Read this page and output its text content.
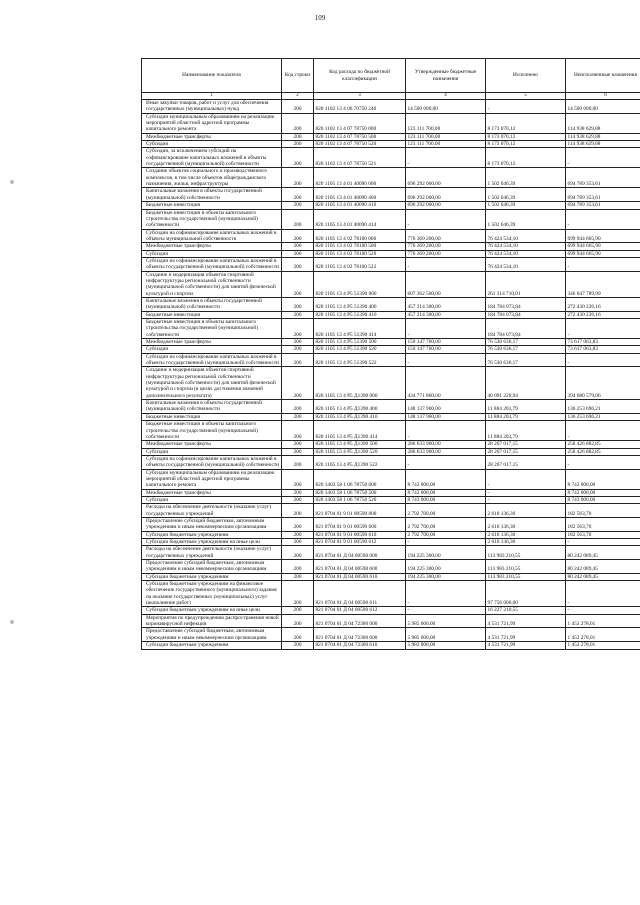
109
Наименование показателя	Код строки	Код расхода по бюджетной классификации	Утвержденные бюджетные назначения	Исполнено	Неисполненные назначения
1	2	3	4	5	6
Иные закупки товаров, работ и услуг для обеспечения государственных (муниципальных) нужд	200	820 1102 13 4 06 70750 240	14 500 000,00	-	14 500 000,00
Субсидии муниципальным образованиям на реализацию мероприятий областной адресной программы капитального ремонта	200	820 1102 13 4 07 78750 000	123 111 700,00	8 173 070,12	114 938 629,88
Межбюджетные трансферты	200	820 1102 13 4 07 78750 500	123 111 700,00	8 173 070,12	114 938 629,88
Субсидии	200	820 1102 13 4 07 78750 520	123 111 700,00	8 173 070,12	114 938 629,88
Субсидии, за исключением субсидий на софинансирование капитальных вложений в объекты государственной (муниципальной) собственности	200	820 1102 13 4 07 78750 521	-	8 173 070,12	-
Создание объектов социального и производственного комплексов, в том числе объектов общегражданского назначения, жилья, инфраструктуры	200	820 1105 13 4 01 40090 000	696 292 000,00	1 502 646,39	694 789 353,61
Капитальные вложения в объекты государственной (муниципальной) собственности	200	820 1105 13 4 01 40090 400	696 292 000,00	1 502 646,39	694 789 353,61
Бюджетные инвестиции	200	820 1105 13 4 01 40090 410	696 292 000,00	1 502 646,39	694 789 353,61
Бюджетные инвестиции в объекты капитального строительства государственной (муниципальной) собственности	200	820 1105 13 4 01 40090 414	-	1 502 646,39	-
Субсидии на софинансирование капитальных вложений в объекты муниципальной собственности	200	820 1105 13 4 02 78100 000	776 369 200,00	76 424 534,10	699 944 665,90
Межбюджетные трансферты	200	820 1105 13 4 02 78100 500	776 369 200,00	76 424 534,10	699 944 665,90
Субсидии	200	820 1105 13 4 02 78100 520	776 369 200,00	76 424 534,10	699 944 665,90
Субсидии на софинансирование капитальных вложений в объекты государственной (муниципальной) собственности	200	820 1105 13 4 02 78100 522	-	76 424 534,10	-
Создание и модернизация объектов спортивной инфраструктуры региональной собственности (муниципальной собственности) для занятий физической культурой и спортом	200	820 1105 13 4 P5 51390 000	607 362 500,00	261 314 710,01	346 047 789,99
Капитальные вложения в объекты государственной (муниципальной) собственности	200	820 1105 13 4 P5 51390 400	457 214 300,00	184 784 073,84	272 430 226,16
Бюджетные инвестиции	200	820 1105 13 4 P5 51390 410	457 214 300,00	184 784 073,84	272 430 226,16
Бюджетные инвестиции в объекты капитального строительства государственной (муниципальной) собственности	200	820 1105 13 4 P5 51390 414	-	184 784 073,84	-
Межбюджетные трансферты	200	820 1105 13 4 P5 51390 500	150 147 700,00	76 530 636,17	73 617 063,83
Субсидии	200	820 1105 13 4 P5 51390 520	150 147 700,00	76 530 636,17	73 617 063,83
Субсидии на софинансирование капитальных вложений в объекты государственной (муниципальной) собственности	200	820 1105 13 4 P5 51390 522	-	76 530 636,17	-
Создание и модернизация объектов спортивной инфраструктуры региональной собственности (муниципальной собственности) для занятий физической культурой и спортом (в целях достижения значений дополнительного результата)	200	820 1105 13 4 P5 Д1390 000	434 771 800,00	40 091 220,94	394 680 579,06
Капитальные вложения в объекты государственной (муниципальной) собственности	200	820 1105 13 4 P5 Д1390 400	148 137 900,00	11 884 203,79	136 253 696,21
Бюджетные инвестиции	200	820 1105 13 4 P5 Д1390 410	148 137 900,00	11 884 203,79	136 253 696,21
Бюджетные инвестиции в объекты капитального строительства государственной (муниципальной) собственности	200	820 1105 13 4 P5 Д1390 414	-	11 884 203,79	-
Межбюджетные трансферты	200	820 1105 13 4 P5 Д1390 500	286 633 900,00	28 207 017,15	258 426 882,85
Субсидии	200	820 1105 13 4 P5 Д1390 520	286 633 900,00	28 207 017,15	258 426 882,85
Субсидии на софинансирование капитальных вложений в объекты государственной (муниципальной) собственности	200	820 1105 13 4 P5 Д1390 522	-	28 207 017,15	-
Субсидии муниципальным образованиям на реализацию мероприятий областной адресной программы капитального ремонта	200	820 1403 58 1 06 78750 000	8 743 000,00	-	8 743 000,00
Межбюджетные трансферты	200	820 1403 58 1 06 78750 500	8 743 000,00	-	8 743 000,00
Субсидии	200	820 1403 58 1 06 78750 520	8 743 000,00	-	8 743 000,00
Расходы на обеспечение деятельности (оказание услуг) государственных учреждений	200	821 0704 01 9 01 00590 000	2 792 700,00	2 610 136,30	182 563,70
Предоставление субсидий бюджетным, автономным учреждениям и иным некоммерческим организациям	200	821 0704 01 9 01 00590 600	2 792 700,00	2 610 136,30	182 563,70
Субсидии бюджетным учреждениям	200	821 0704 01 9 01 00590 610	2 792 700,00	2 610 136,30	182 563,70
Субсидии бюджетным учреждениям на иные цели	200	821 0704 01 9 01 00590 612	-	2 610 136,30	-
Расходы на обеспечение деятельности (оказание услуг) государственных учреждений	200	821 0704 01 Д 04 00590 000	194 225 300,00	113 983 210,55	80 242 089,45
Предоставление субсидий бюджетным, автономным учреждениям и иным некоммерческим организациям	200	821 0704 01 Д 04 00590 600	194 225 300,00	113 983 210,55	80 242 089,45
Субсидии бюджетным учреждениям	200	821 0704 01 Д 04 00590 610	194 225 300,00	113 983 210,55	80 242 089,45
Субсидии бюджетным учреждениям на финансовое обеспечение государственного (муниципального) задания на оказание государственных (муниципальных) услуг (выполнение работ)	200	821 0704 01 Д 04 00590 611	-	97 756 000,00	-
Субсидии бюджетным учреждениям на иные цели	200	821 0704 01 Д 04 00590 612	-	16 227 210,55	-
Мероприятия по предупреждению распространения новой коронавирусной инфекции	200	821 0704 01 Д 04 72300 000	5 985 000,00	4 531 721,99	1 453 278,01
Предоставление субсидий бюджетным, автономным учреждениям и иным некоммерческим организациям	200	821 0704 01 Д 04 72300 600	5 985 000,00	4 531 721,99	1 453 278,01
Субсидии бюджетным учреждениям	200	821 0704 01 Д 04 72300 610	5 983 000,00	4 531 721,99	1 453 278,01
